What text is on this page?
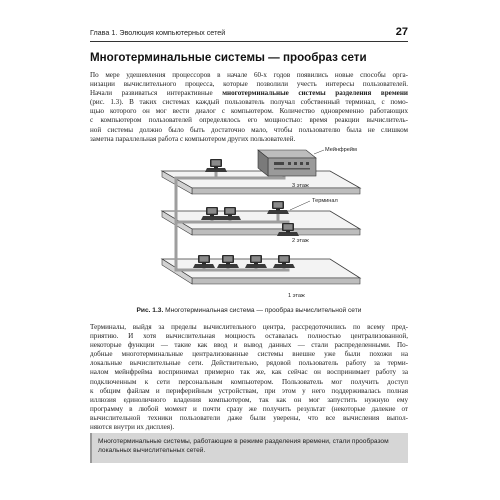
Глава 1. Эволюция компьютерных сетей	27
Многотерминальные системы — прообраз сети
По мере удешевления процессоров в начале 60-х годов появились новые способы орга-
низации вычислительного процесса, которые позволили учесть интересы пользователей.
Начали развиваться интерактивные многотерминальные системы разделения времени
(рис. 1.3). В таких системах каждый пользователь получал собственный терминал, с помо-
щью которого он мог вести диалог с компьютером. Количество одновременно работающих
с компьютером пользователей определялось его мощностью: время реакции вычислитель-
ной системы должно было быть достаточно мало, чтобы пользователю была не слишком
заметна параллельная работа с компьютером других пользователей.
Мейнфрейм
Терминал
3 этаж
2 этаж
1 этаж
Рис. 1.3. Многотерминальная система — прообраз вычислительной сети
Терминалы, выйдя за пределы вычислительного центра, рассредоточились по всему пред-
приятию. И хотя вычислительная мощность оставалась полностью централизованной,
некоторые функции — такие как ввод и вывод данных — стали распределенными. По-
добные многотерминальные централизованные системы внешне уже были похожи на
локальные вычислительные сети. Действительно, рядовой пользователь работу за терми-
налом мейнфрейма воспринимал примерно так же, как сейчас он воспринимает работу за
подключенным к сети персональным компьютером. Пользователь мог получить доступ
к общим файлам и периферийным устройствам, при этом у него поддерживалась полная
иллюзия единоличного владения компьютером, так как он мог запустить нужную ему
программу в любой момент и почти сразу же получить результат (некоторые далекие от
вычислительной техники пользователи даже были уверены, что все вычисления выпол-
няются внутри их дисплея).
Многотерминальные системы, работающие в режиме разделения времени, стали прообразом
локальных вычислительных сетей.
